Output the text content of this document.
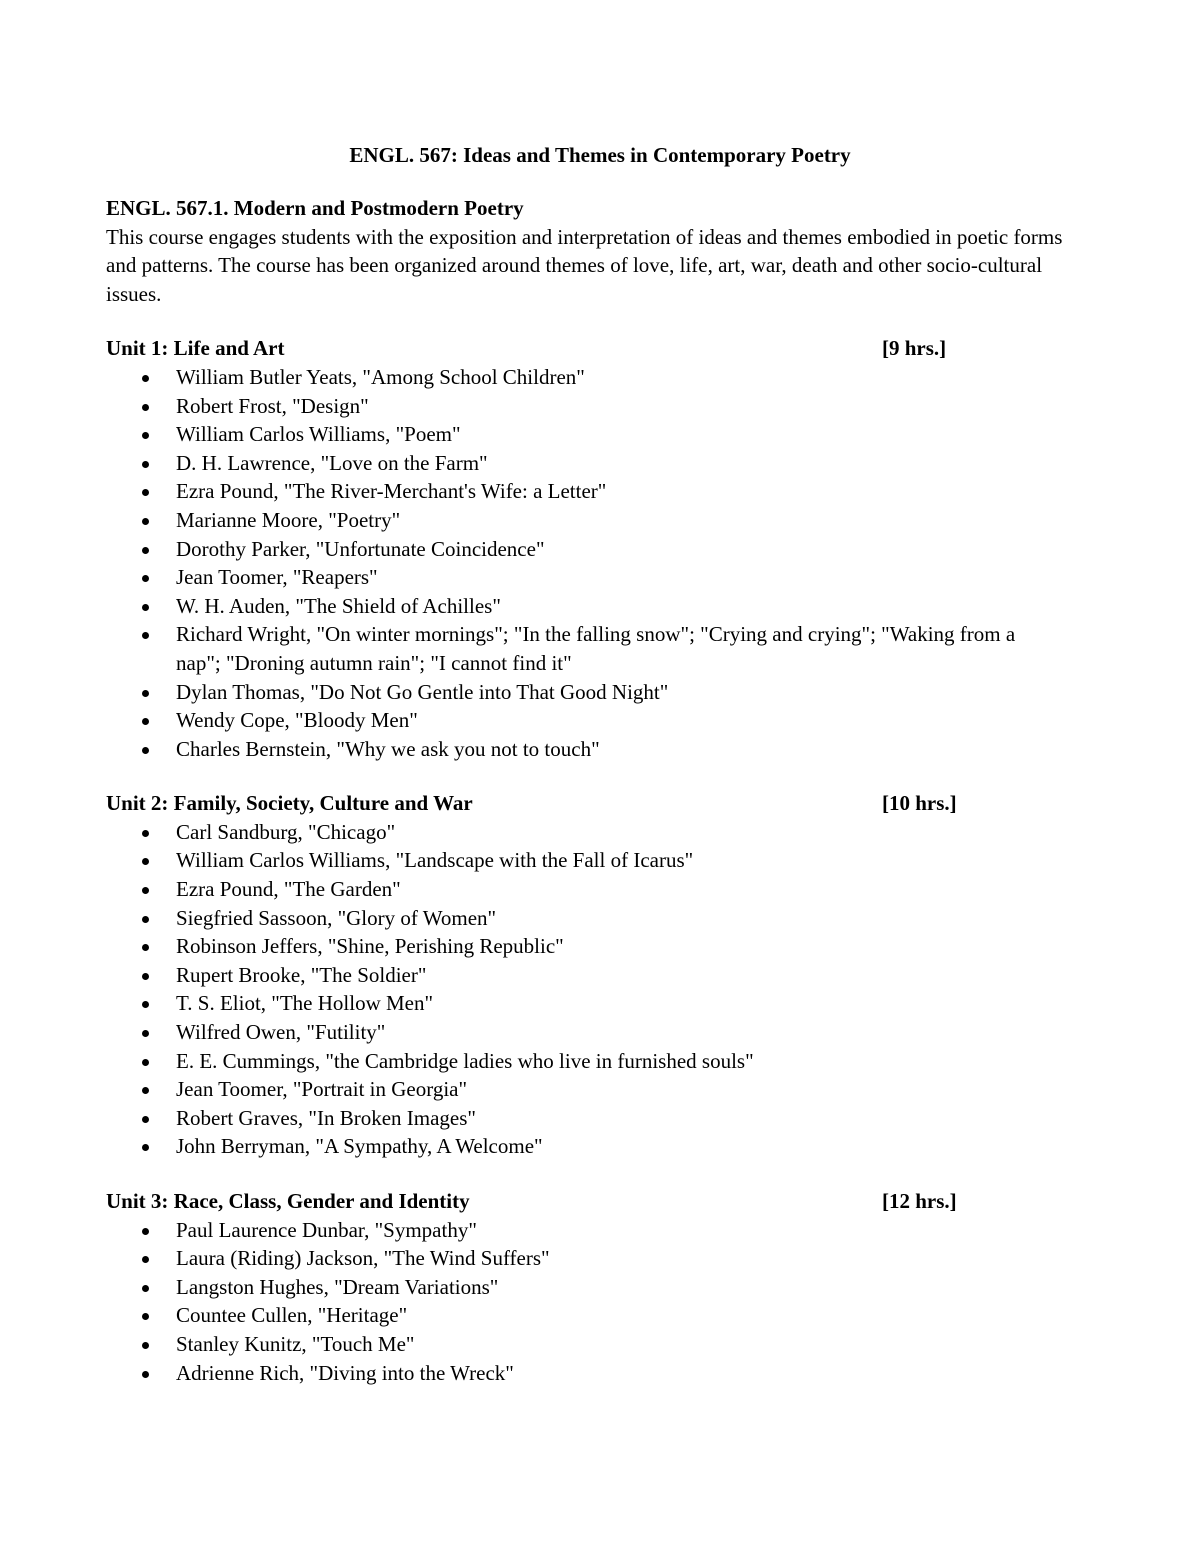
ENGL. 567: Ideas and Themes in Contemporary Poetry
ENGL. 567.1. Modern and Postmodern Poetry

This course engages students with the exposition and interpretation of ideas and themes embodied in poetic forms and patterns. The course has been organized around themes of love, life, art, war, death and other socio-cultural issues.

Unit 1: Life and Art	[9 hrs.]
William Butler Yeats, "Among School Children"
Robert Frost, "Design"
William Carlos Williams, "Poem"
D. H. Lawrence, "Love on the Farm"
Ezra Pound, "The River-Merchant's Wife: a Letter"
Marianne Moore, "Poetry"
Dorothy Parker, "Unfortunate Coincidence"
Jean Toomer, "Reapers"
W. H. Auden, "The Shield of Achilles"
Richard Wright, "On winter mornings"; "In the falling snow"; "Crying and crying"; "Waking from a nap"; "Droning autumn rain"; "I cannot find it"
Dylan Thomas, "Do Not Go Gentle into That Good Night"
Wendy Cope, "Bloody Men"
Charles Bernstein, "Why we ask you not to touch"
Unit 2: Family, Society, Culture and War	[10 hrs.]
Carl Sandburg, "Chicago"
William Carlos Williams, "Landscape with the Fall of Icarus"
Ezra Pound, "The Garden"
Siegfried Sassoon, "Glory of Women"
Robinson Jeffers, "Shine, Perishing Republic"
Rupert Brooke, "The Soldier"
T. S. Eliot, "The Hollow Men"
Wilfred Owen, "Futility"
E. E. Cummings, "the Cambridge ladies who live in furnished souls"
Jean Toomer, "Portrait in Georgia"
Robert Graves, "In Broken Images"
John Berryman, "A Sympathy, A Welcome"
Unit 3: Race, Class, Gender and Identity	[12 hrs.]
Paul Laurence Dunbar, "Sympathy"
Laura (Riding) Jackson, "The Wind Suffers"
Langston Hughes, "Dream Variations"
Countee Cullen, "Heritage"
Stanley Kunitz, "Touch Me"
Adrienne Rich, "Diving into the Wreck"
